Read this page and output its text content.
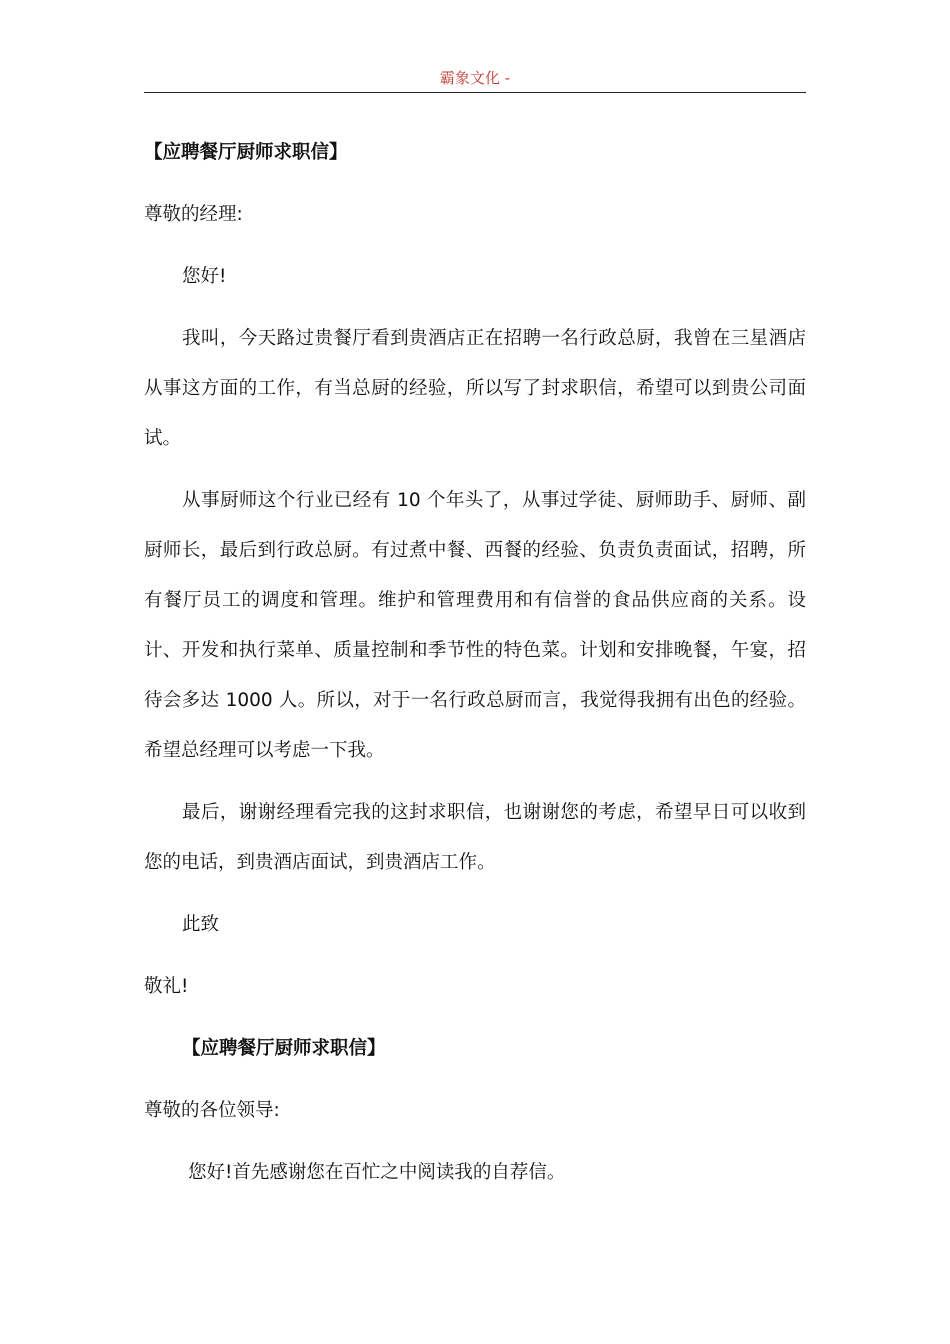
霸象文化 -
【应聘餐厅厨师求职信】
尊敬的经理:
您好!
我叫，今天路过贵餐厅看到贵酒店正在招聘一名行政总厨，我曾在三星酒店从事这方面的工作，有当总厨的经验，所以写了封求职信，希望可以到贵公司面试。
从事厨师这个行业已经有 10 个年头了，从事过学徒、厨师助手、厨师、副厨师长，最后到行政总厨。有过煮中餐、西餐的经验、负责负责面试，招聘，所有餐厅员工的调度和管理。维护和管理费用和有信誉的食品供应商的关系。设计、开发和执行菜单、质量控制和季节性的特色菜。计划和安排晚餐，午宴，招待会多达 1000 人。所以，对于一名行政总厨而言，我觉得我拥有出色的经验。希望总经理可以考虑一下我。
最后，谢谢经理看完我的这封求职信，也谢谢您的考虑，希望早日可以收到您的电话，到贵酒店面试，到贵酒店工作。
此致
敬礼!
【应聘餐厅厨师求职信】
尊敬的各位领导:
您好!首先感谢您在百忙之中阅读我的自荐信。
